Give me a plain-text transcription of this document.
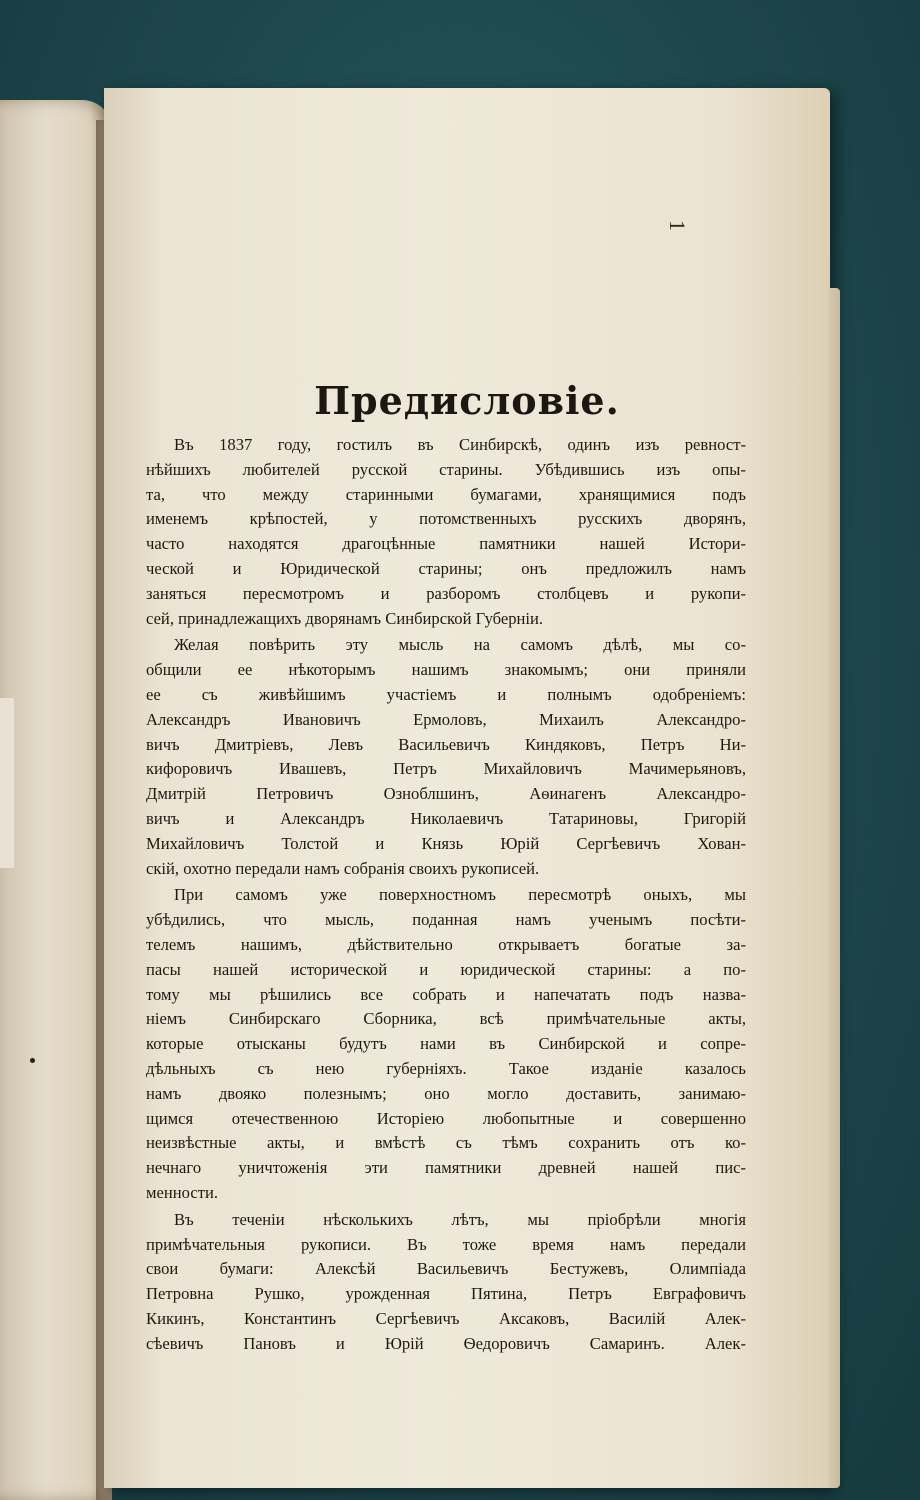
1
Предисловіе.
Въ 1837 году, гостилъ въ Синбирскѣ, одинъ изъ ревност-
нѣйшихъ любителей русской старины. Убѣдившись изъ опы-
та, что между старинными бумагами, хранящимися подъ
именемъ крѣпостей, у потомственныхъ русскихъ дворянъ,
часто находятся драгоцѣнные памятники нашей Истори-
ческой и Юридической старины; онъ предложилъ намъ
заняться пересмотромъ и разборомъ столбцевъ и рукопи-
сей, принадлежащихъ дворянамъ Синбирской Губерніи.
Желая повѣрить эту мысль на самомъ дѣлѣ, мы со-
общили ее нѣкоторымъ нашимъ знакомымъ; они приняли
ее съ живѣйшимъ участіемъ и полнымъ одобреніемъ:
Александръ Ивановичъ Ермоловъ, Михаилъ Александро-
вичъ Дмитріевъ, Левъ Васильевичъ Киндяковъ, Петръ Ни-
кифоровичъ Ивашевъ, Петръ Михайловичъ Мачимерьяновъ,
Дмитрій Петровичъ Озноблшинъ, Аѳинагенъ Александро-
вичъ и Александръ Николаевичъ Татариновы, Григорій
Михайловичъ Толстой и Князь Юрій Сергѣевичъ Хован-
скій, охотно передали намъ собранія своихъ рукописей.
При самомъ уже поверхностномъ пересмотрѣ оныхъ, мы
убѣдились, что мысль, поданная намъ ученымъ посѣти-
телемъ нашимъ, дѣйствительно открываетъ богатые за-
пасы нашей исторической и юридической старины: а по-
тому мы рѣшились все собрать и напечатать подъ назва-
ніемъ Синбирскаго Сборника, всѣ примѣчательные акты,
которые отысканы будутъ нами въ Синбирской и сопре-
дѣльныхъ съ нею губерніяхъ. Такое изданіе казалось
намъ двояко полезнымъ; оно могло доставить, занимаю-
щимся отечественною Исторіею любопытные и совершенно
неизвѣстные акты, и вмѣстѣ съ тѣмъ сохранить отъ ко-
нечнаго уничтоженія эти памятники древней нашей пис-
менности.
Въ теченіи нѣсколькихъ лѣтъ, мы пріобрѣли многія
примѣчательныя рукописи. Въ тоже время намъ передали
свои бумаги: Алексѣй Васильевичъ Бестужевъ, Олимпіада
Петровна Рушко, урожденная Пятина, Петръ Евграфовичъ
Кикинъ, Константинъ Сергѣевичъ Аксаковъ, Василій Алек-
сѣевичъ Пановъ и Юрій Ѳедоровичъ Самаринъ. Алек-
